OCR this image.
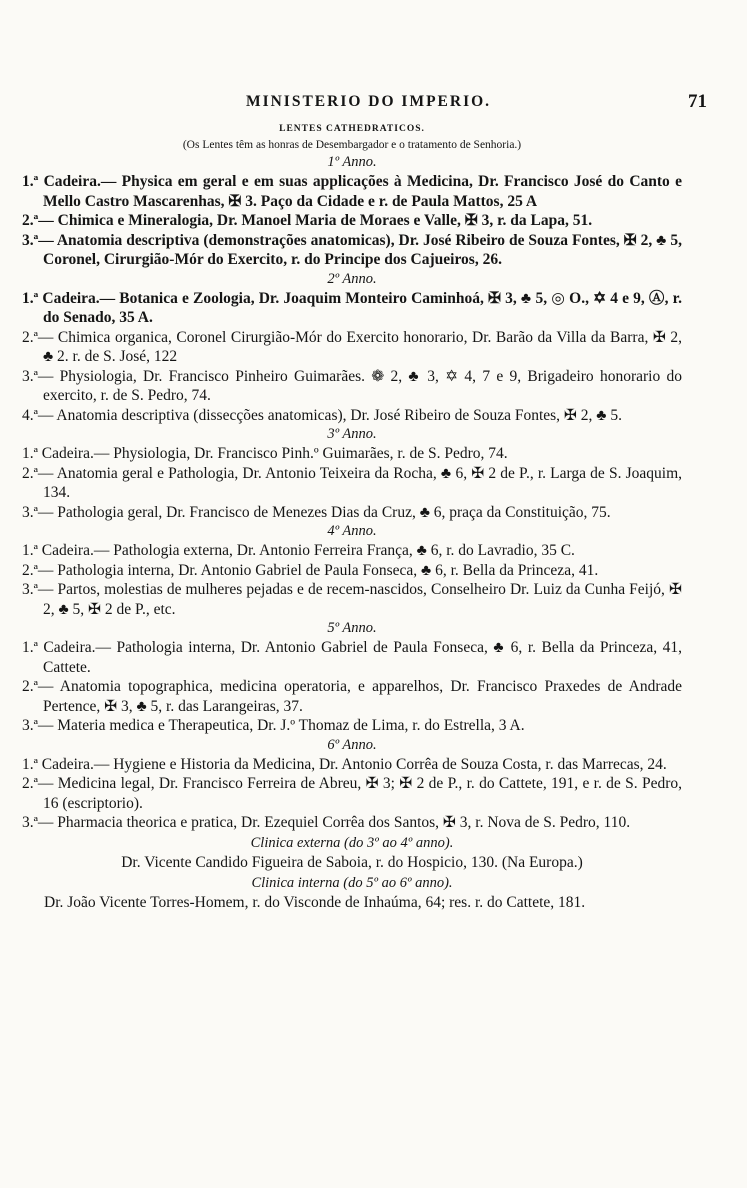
MINISTERIO DO IMPERIO.	71
LENTES CATHEDRATICOS.
(Os Lentes têm as honras de Desembargador e o tratamento de Senhoria.)
1º Anno.
1.ª Cadeira.— Physica em geral e em suas applicações à Medicina, Dr. Francisco José do Canto e Mello Castro Mascarenhas, ✠ 3. Paço da Cidade e r. de Paula Mattos, 25 A
2.ª— Chimica e Mineralogia, Dr. Manoel Maria de Moraes e Valle, ✠ 3, r. da Lapa, 51.
3.ª— Anatomia descriptiva (demonstrações anatomicas), Dr. José Ribeiro de Souza Fontes, ✠ 2, ♣ 5, Coronel, Cirurgião-Mór do Exercito, r. do Principe dos Cajueiros, 26.
2º Anno.
1.ª Cadeira.— Botanica e Zoologia, Dr. Joaquim Monteiro Caminhoá, ✠ 3, ♣ 5, ◎ O., ✡ 4 e 9, Ⓐ, r. do Senado, 35 A.
2.ª— Chimica organica, Coronel Cirurgião-Mór do Exercito honorario, Dr. Barão da Villa da Barra, ✠ 2, ♣ 2. r. de S. José, 122
3.ª— Physiologia, Dr. Francisco Pinheiro Guimarães. ❁ 2, ♣ 3, ✡ 4, 7 e 9, Brigadeiro honorario do exercito, r. de S. Pedro, 74.
4.ª— Anatomia descriptiva (dissecções anatomicas), Dr. José Ribeiro de Souza Fontes, ✠ 2, ♣ 5.
3º Anno.
1.ª Cadeira.— Physiologia, Dr. Francisco Pinh.º Guimarães, r. de S. Pedro, 74.
2.ª— Anatomia geral e Pathologia, Dr. Antonio Teixeira da Rocha, ♣ 6, ✠ 2 de P., r. Larga de S. Joaquim, 134.
3.ª— Pathologia geral, Dr. Francisco de Menezes Dias da Cruz, ♣ 6, praça da Constituição, 75.
4º Anno.
1.ª Cadeira.— Pathologia externa, Dr. Antonio Ferreira França, ♣ 6, r. do Lavradio, 35 C.
2.ª— Pathologia interna, Dr. Antonio Gabriel de Paula Fonseca, ♣ 6, r. Bella da Princeza, 41.
3.ª— Partos, molestias de mulheres pejadas e de recem-nascidos, Conselheiro Dr. Luiz da Cunha Feijó, ✠ 2, ♣ 5, ✠ 2 de P., etc.
5º Anno.
1.ª Cadeira.— Pathologia interna, Dr. Antonio Gabriel de Paula Fonseca, ♣ 6, r. Bella da Princeza, 41, Cattete.
2.ª— Anatomia topographica, medicina operatoria, e apparelhos, Dr. Francisco Praxedes de Andrade Pertence, ✠ 3, ♣ 5, r. das Larangeiras, 37.
3.ª— Materia medica e Therapeutica, Dr. J.º Thomaz de Lima, r. do Estrella, 3 A.
6º Anno.
1.ª Cadeira.— Hygiene e Historia da Medicina, Dr. Antonio Corrêa de Souza Costa, r. das Marrecas, 24.
2.ª— Medicina legal, Dr. Francisco Ferreira de Abreu, ✠ 3; ✠ 2 de P., r. do Cattete, 191, e r. de S. Pedro, 16 (escriptorio).
3.ª— Pharmacia theorica e pratica, Dr. Ezequiel Corrêa dos Santos, ✠ 3, r. Nova de S. Pedro, 110.
Clinica externa (do 3º ao 4º anno).
Dr. Vicente Candido Figueira de Saboia, r. do Hospicio, 130. (Na Europa.)
Clinica interna (do 5º ao 6º anno).
Dr. João Vicente Torres-Homem, r. do Visconde de Inhaúma, 64; res. r. do Cattete, 181.
